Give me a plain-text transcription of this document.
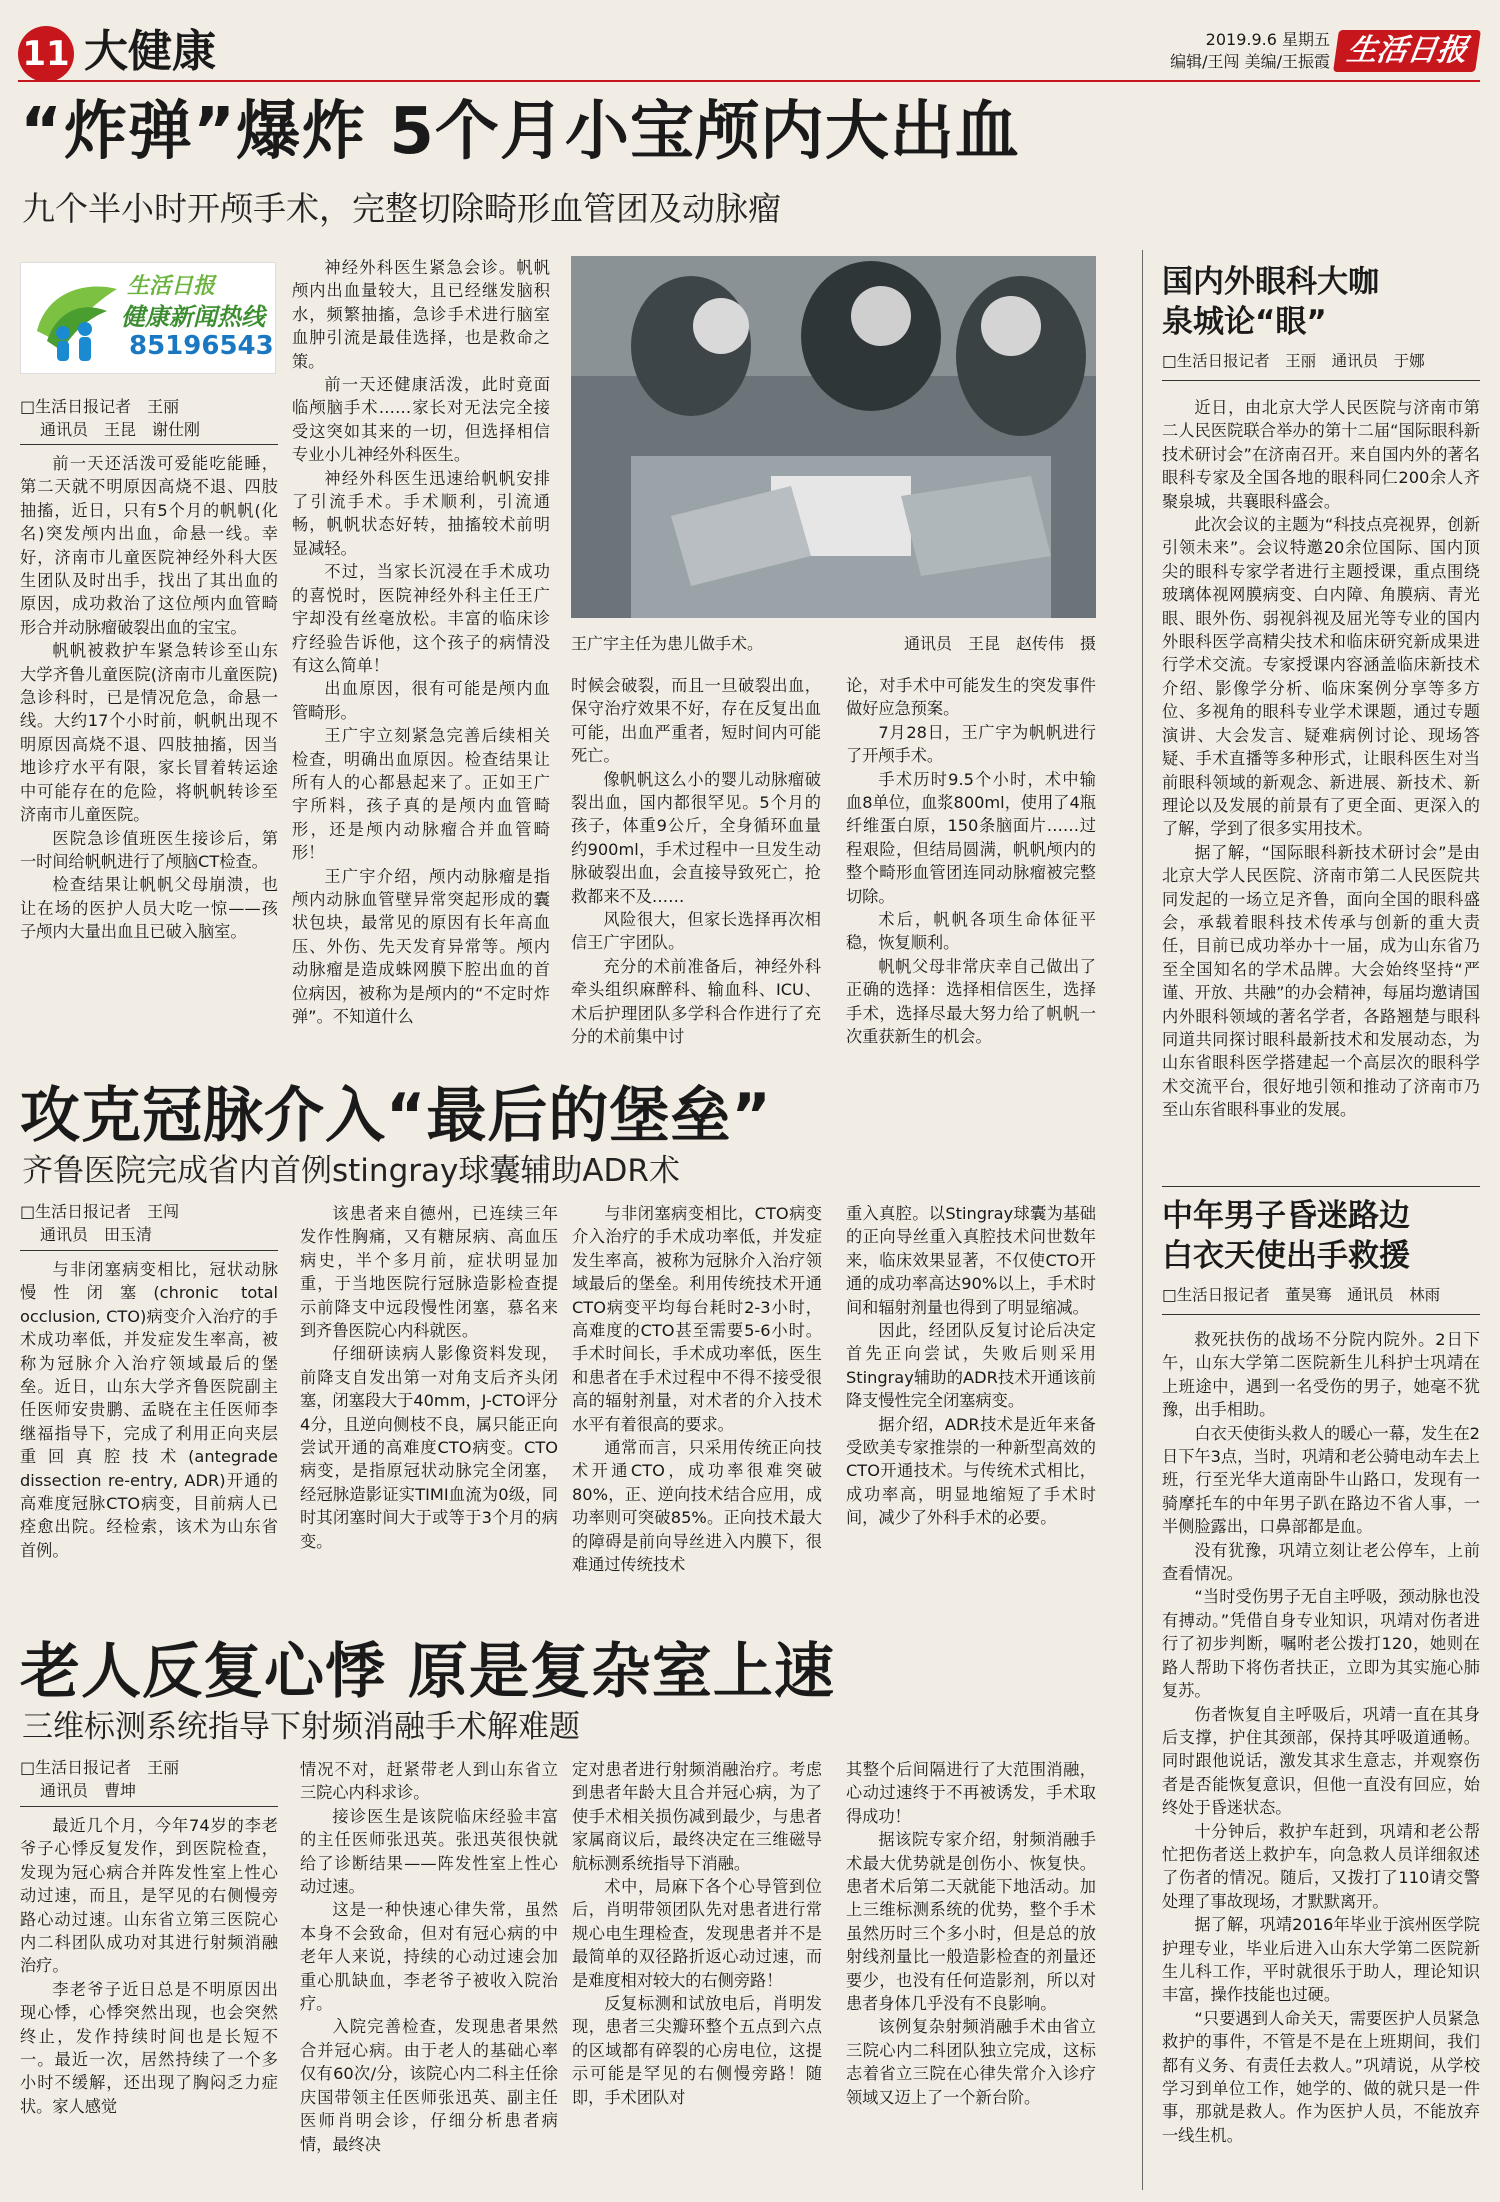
11 大健康	2019.9.6 星期五
编辑/王闯 美编/王振霞 生活日报
“炸弹”爆炸 5个月小宝颅内大出血
九个半小时开颅手术，完整切除畸形血管团及动脉瘤
生活日报
健康新闻热线
85196543
□生活日报记者　王丽
通讯员　王昆　谢仕刚

前一天还活泼可爱能吃能睡，第二天就不明原因高烧不退、四肢抽搐，近日，只有5个月的帆帆(化名)突发颅内出血，命悬一线。幸好，济南市儿童医院神经外科大医生团队及时出手，找出了其出血的原因，成功救治了这位颅内血管畸形合并动脉瘤破裂出血的宝宝。

帆帆被救护车紧急转诊至山东大学齐鲁儿童医院(济南市儿童医院)急诊科时，已是情况危急，命悬一线。大约17个小时前，帆帆出现不明原因高烧不退、四肢抽搐，因当地诊疗水平有限，家长冒着转运途中可能存在的危险，将帆帆转诊至济南市儿童医院。

医院急诊值班医生接诊后，第一时间给帆帆进行了颅脑CT检查。

检查结果让帆帆父母崩溃，也让在场的医护人员大吃一惊——孩子颅内大量出血且已破入脑室。

神经外科医生紧急会诊。帆帆颅内出血量较大，且已经继发脑积水，频繁抽搐，急诊手术进行脑室血肿引流是最佳选择，也是救命之策。

前一天还健康活泼，此时竟面临颅脑手术……家长对无法完全接受这突如其来的一切，但选择相信专业小儿神经外科医生。

神经外科医生迅速给帆帆安排了引流手术。手术顺利，引流通畅，帆帆状态好转，抽搐较术前明显减轻。

不过，当家长沉浸在手术成功的喜悦时，医院神经外科主任王广宇却没有丝毫放松。丰富的临床诊疗经验告诉他，这个孩子的病情没有这么简单！

出血原因，很有可能是颅内血管畸形。

王广宇立刻紧急完善后续相关检查，明确出血原因。检查结果让所有人的心都悬起来了。正如王广宇所料，孩子真的是颅内血管畸形，还是颅内动脉瘤合并血管畸形！

王广宇介绍，颅内动脉瘤是指颅内动脉血管壁异常突起形成的囊状包块，最常见的原因有长年高血压、外伤、先天发育异常等。颅内动脉瘤是造成蛛网膜下腔出血的首位病因，被称为是颅内的“不定时炸弹”。不知道什么

王广宇主任为患儿做手术。	通讯员　王昆　赵传伟　摄

时候会破裂，而且一旦破裂出血，保守治疗效果不好，存在反复出血可能，出血严重者，短时间内可能死亡。

像帆帆这么小的婴儿动脉瘤破裂出血，国内都很罕见。5个月的孩子，体重9公斤，全身循环血量约900ml，手术过程中一旦发生动脉破裂出血，会直接导致死亡，抢救都来不及……

风险很大，但家长选择再次相信王广宇团队。

充分的术前准备后，神经外科牵头组织麻醉科、输血科、ICU、术后护理团队多学科合作进行了充分的术前集中讨

论，对手术中可能发生的突发事件做好应急预案。

7月28日，王广宇为帆帆进行了开颅手术。

手术历时9.5个小时，术中输血8单位，血浆800ml，使用了4瓶纤维蛋白原，150条脑面片……过程艰险，但结局圆满，帆帆颅内的整个畸形血管团连同动脉瘤被完整切除。

术后，帆帆各项生命体征平稳，恢复顺利。

帆帆父母非常庆幸自己做出了正确的选择：选择相信医生，选择手术，选择尽最大努力给了帆帆一次重获新生的机会。

攻克冠脉介入“最后的堡垒”
齐鲁医院完成省内首例stingray球囊辅助ADR术
□生活日报记者　王闯
通讯员　田玉清

与非闭塞病变相比，冠状动脉慢性闭塞(chronic total occlusion, CTO)病变介入治疗的手术成功率低，并发症发生率高，被称为冠脉介入治疗领域最后的堡垒。近日，山东大学齐鲁医院副主任医师安贵鹏、孟晓在主任医师李继福指导下，完成了利用正向夹层重回真腔技术(antegrade dissection re-entry, ADR)开通的高难度冠脉CTO病变，目前病人已痊愈出院。经检索，该术为山东省首例。

该患者来自德州，已连续三年发作性胸痛，又有糖尿病、高血压病史，半个多月前，症状明显加重，于当地医院行冠脉造影检查提示前降支中远段慢性闭塞，慕名来到齐鲁医院心内科就医。

仔细研读病人影像资料发现，前降支自发出第一对角支后齐头闭塞，闭塞段大于40mm，J-CTO评分4分，且逆向侧枝不良，属只能正向尝试开通的高难度CTO病变。CTO病变，是指原冠状动脉完全闭塞，经冠脉造影证实TIMI血流为0级，同时其闭塞时间大于或等于3个月的病变。

与非闭塞病变相比，CTO病变介入治疗的手术成功率低，并发症发生率高，被称为冠脉介入治疗领域最后的堡垒。利用传统技术开通CTO病变平均每台耗时2-3小时，高难度的CTO甚至需要5-6小时。手术时间长，手术成功率低，医生和患者在手术过程中不得不接受很高的辐射剂量，对术者的介入技术水平有着很高的要求。

通常而言，只采用传统正向技术开通CTO，成功率很难突破80%，正、逆向技术结合应用，成功率则可突破85%。正向技术最大的障碍是前向导丝进入内膜下，很难通过传统技术

重入真腔。以Stingray球囊为基础的正向导丝重入真腔技术问世数年来，临床效果显著，不仅使CTO开通的成功率高达90%以上，手术时间和辐射剂量也得到了明显缩减。

因此，经团队反复讨论后决定首先正向尝试，失败后则采用Stingray辅助的ADR技术开通该前降支慢性完全闭塞病变。

据介绍，ADR技术是近年来备受欧美专家推崇的一种新型高效的CTO开通技术。与传统术式相比，成功率高，明显地缩短了手术时间，减少了外科手术的必要。

老人反复心悸 原是复杂室上速
三维标测系统指导下射频消融手术解难题
□生活日报记者　王丽
通讯员　曹坤

最近几个月，今年74岁的李老爷子心悸反复发作，到医院检查，发现为冠心病合并阵发性室上性心动过速，而且，是罕见的右侧慢旁路心动过速。山东省立第三医院心内二科团队成功对其进行射频消融治疗。

李老爷子近日总是不明原因出现心悸，心悸突然出现，也会突然终止，发作持续时间也是长短不一。最近一次，居然持续了一个多小时不缓解，还出现了胸闷乏力症状。家人感觉

情况不对，赶紧带老人到山东省立三院心内科求诊。

接诊医生是该院临床经验丰富的主任医师张迅英。张迅英很快就给了诊断结果——阵发性室上性心动过速。

这是一种快速心律失常，虽然本身不会致命，但对有冠心病的中老年人来说，持续的心动过速会加重心肌缺血，李老爷子被收入院治疗。

入院完善检查，发现患者果然合并冠心病。由于老人的基础心率仅有60次/分，该院心内二科主任徐庆国带领主任医师张迅英、副主任医师肖明会诊，仔细分析患者病情，最终决

定对患者进行射频消融治疗。考虑到患者年龄大且合并冠心病，为了使手术相关损伤减到最少，与患者家属商议后，最终决定在三维磁导航标测系统指导下消融。

术中，局麻下各个心导管到位后，肖明带领团队先对患者进行常规心电生理检查，发现患者并不是最简单的双径路折返心动过速，而是难度相对较大的右侧旁路！

反复标测和试放电后，肖明发现，患者三尖瓣环整个五点到六点的区域都有碎裂的心房电位，这提示可能是罕见的右侧慢旁路！随即，手术团队对

其整个后间隔进行了大范围消融，心动过速终于不再被诱发，手术取得成功！

据该院专家介绍，射频消融手术最大优势就是创伤小、恢复快。患者术后第二天就能下地活动。加上三维标测系统的优势，整个手术虽然历时三个多小时，但是总的放射线剂量比一般造影检查的剂量还要少，也没有任何造影剂，所以对患者身体几乎没有不良影响。

该例复杂射频消融手术由省立三院心内二科团队独立完成，这标志着省立三院在心律失常介入诊疗领域又迈上了一个新台阶。

国内外眼科大咖
泉城论“眼”
□生活日报记者　王丽　通讯员　于娜

近日，由北京大学人民医院与济南市第二人民医院联合举办的第十二届“国际眼科新技术研讨会”在济南召开。来自国内外的著名眼科专家及全国各地的眼科同仁200余人齐聚泉城，共襄眼科盛会。

此次会议的主题为“科技点亮视界，创新引领未来”。会议特邀20余位国际、国内顶尖的眼科专家学者进行主题授课，重点围绕玻璃体视网膜病变、白内障、角膜病、青光眼、眼外伤、弱视斜视及屈光等专业的国内外眼科医学高精尖技术和临床研究新成果进行学术交流。专家授课内容涵盖临床新技术介绍、影像学分析、临床案例分享等多方位、多视角的眼科专业学术课题，通过专题演讲、大会发言、疑难病例讨论、现场答疑、手术直播等多种形式，让眼科医生对当前眼科领域的新观念、新进展、新技术、新理论以及发展的前景有了更全面、更深入的了解，学到了很多实用技术。

据了解，“国际眼科新技术研讨会”是由北京大学人民医院、济南市第二人民医院共同发起的一场立足齐鲁，面向全国的眼科盛会，承载着眼科技术传承与创新的重大责任，目前已成功举办十一届，成为山东省乃至全国知名的学术品牌。大会始终坚持“严谨、开放、共融”的办会精神，每届均邀请国内外眼科领域的著名学者，各路翘楚与眼科同道共同探讨眼科最新技术和发展动态，为山东省眼科医学搭建起一个高层次的眼科学术交流平台，很好地引领和推动了济南市乃至山东省眼科事业的发展。

中年男子昏迷路边
白衣天使出手救援
□生活日报记者　董昊骞　通讯员　林雨

救死扶伤的战场不分院内院外。2日下午，山东大学第二医院新生儿科护士巩靖在上班途中，遇到一名受伤的男子，她毫不犹豫，出手相助。

白衣天使街头救人的暖心一幕，发生在2日下午3点，当时，巩靖和老公骑电动车去上班，行至光华大道南卧牛山路口，发现有一骑摩托车的中年男子趴在路边不省人事，一半侧脸露出，口鼻部都是血。

没有犹豫，巩靖立刻让老公停车，上前查看情况。

“当时受伤男子无自主呼吸，颈动脉也没有搏动。”凭借自身专业知识，巩靖对伤者进行了初步判断，嘱咐老公拨打120，她则在路人帮助下将伤者扶正，立即为其实施心肺复苏。

伤者恢复自主呼吸后，巩靖一直在其身后支撑，护住其颈部，保持其呼吸道通畅。同时跟他说话，激发其求生意志，并观察伤者是否能恢复意识，但他一直没有回应，始终处于昏迷状态。

十分钟后，救护车赶到，巩靖和老公帮忙把伤者送上救护车，向急救人员详细叙述了伤者的情况。随后，又拨打了110请交警处理了事故现场，才默默离开。

据了解，巩靖2016年毕业于滨州医学院护理专业，毕业后进入山东大学第二医院新生儿科工作，平时就很乐于助人，理论知识丰富，操作技能也过硬。

“只要遇到人命关天，需要医护人员紧急救护的事件，不管是不是在上班期间，我们都有义务、有责任去救人。”巩靖说，从学校学习到单位工作，她学的、做的就只是一件事，那就是救人。作为医护人员，不能放弃一线生机。
